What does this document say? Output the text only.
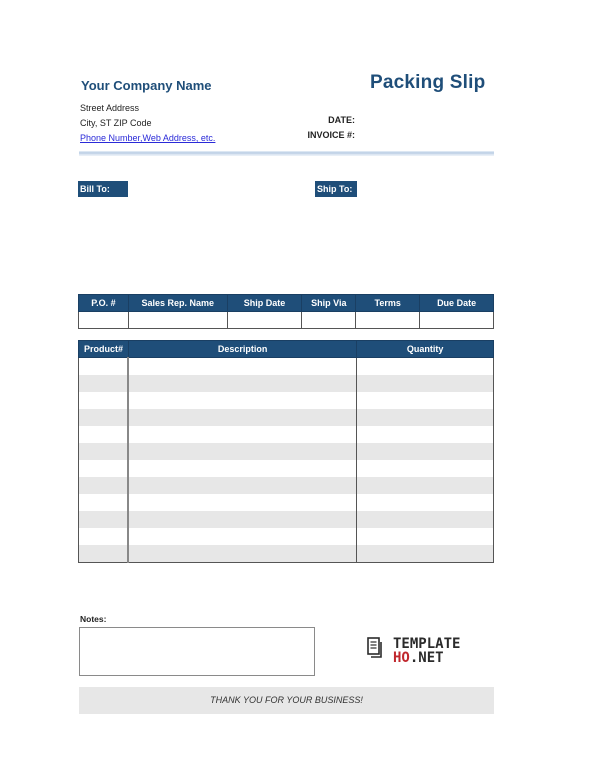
Your Company Name	Packing Slip
Street Address
City, ST ZIP Code
Phone Number,Web Address, etc.
DATE:
INVOICE #:
Bill To:	Ship To:
P.O. #	Sales Rep. Name	Ship Date	Ship Via	Terms	Due Date

Product#	Description	Quantity

Notes:
TEMPLATE
HO.NET
THANK YOU FOR YOUR BUSINESS!
